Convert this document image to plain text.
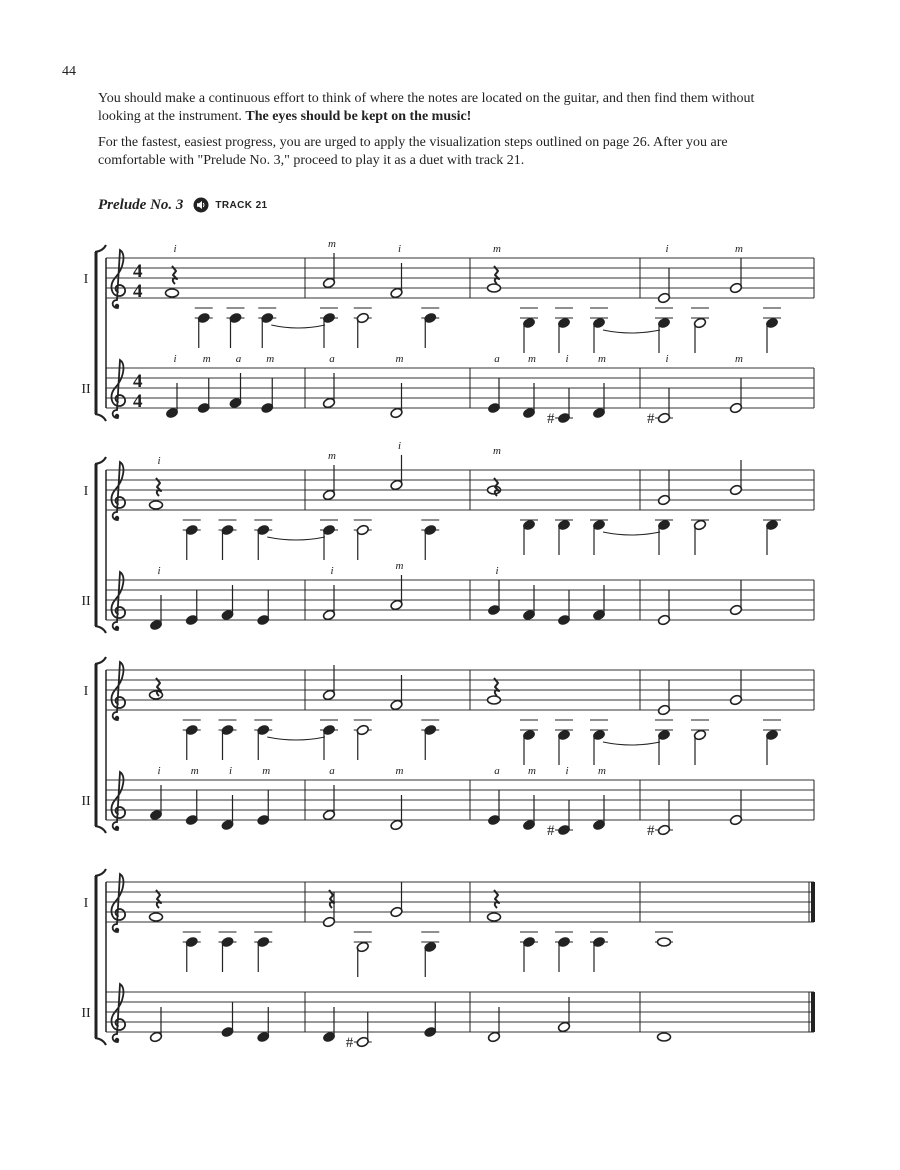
44

You should make a continuous effort to think of where the notes are located on the guitar, and then find them without looking at the instrument. The eyes should be kept on the music!

For the fastest, easiest progress, you are urged to apply the visualization steps outlined on page 26. After you are comfortable with "Prelude No. 3," proceed to play it as a duet with track 21.

Prelude No. 3	TRACK 21
4
4
I
i	m	i	m	i	m
4
4
II
i m a m	a	m	a	m
#
i	m
#
i	m
I
i	m
i	m
II
i	i	m	i
I
II
i	m	i	m	a	m	a	m
#
i	m
#
I
II
#
